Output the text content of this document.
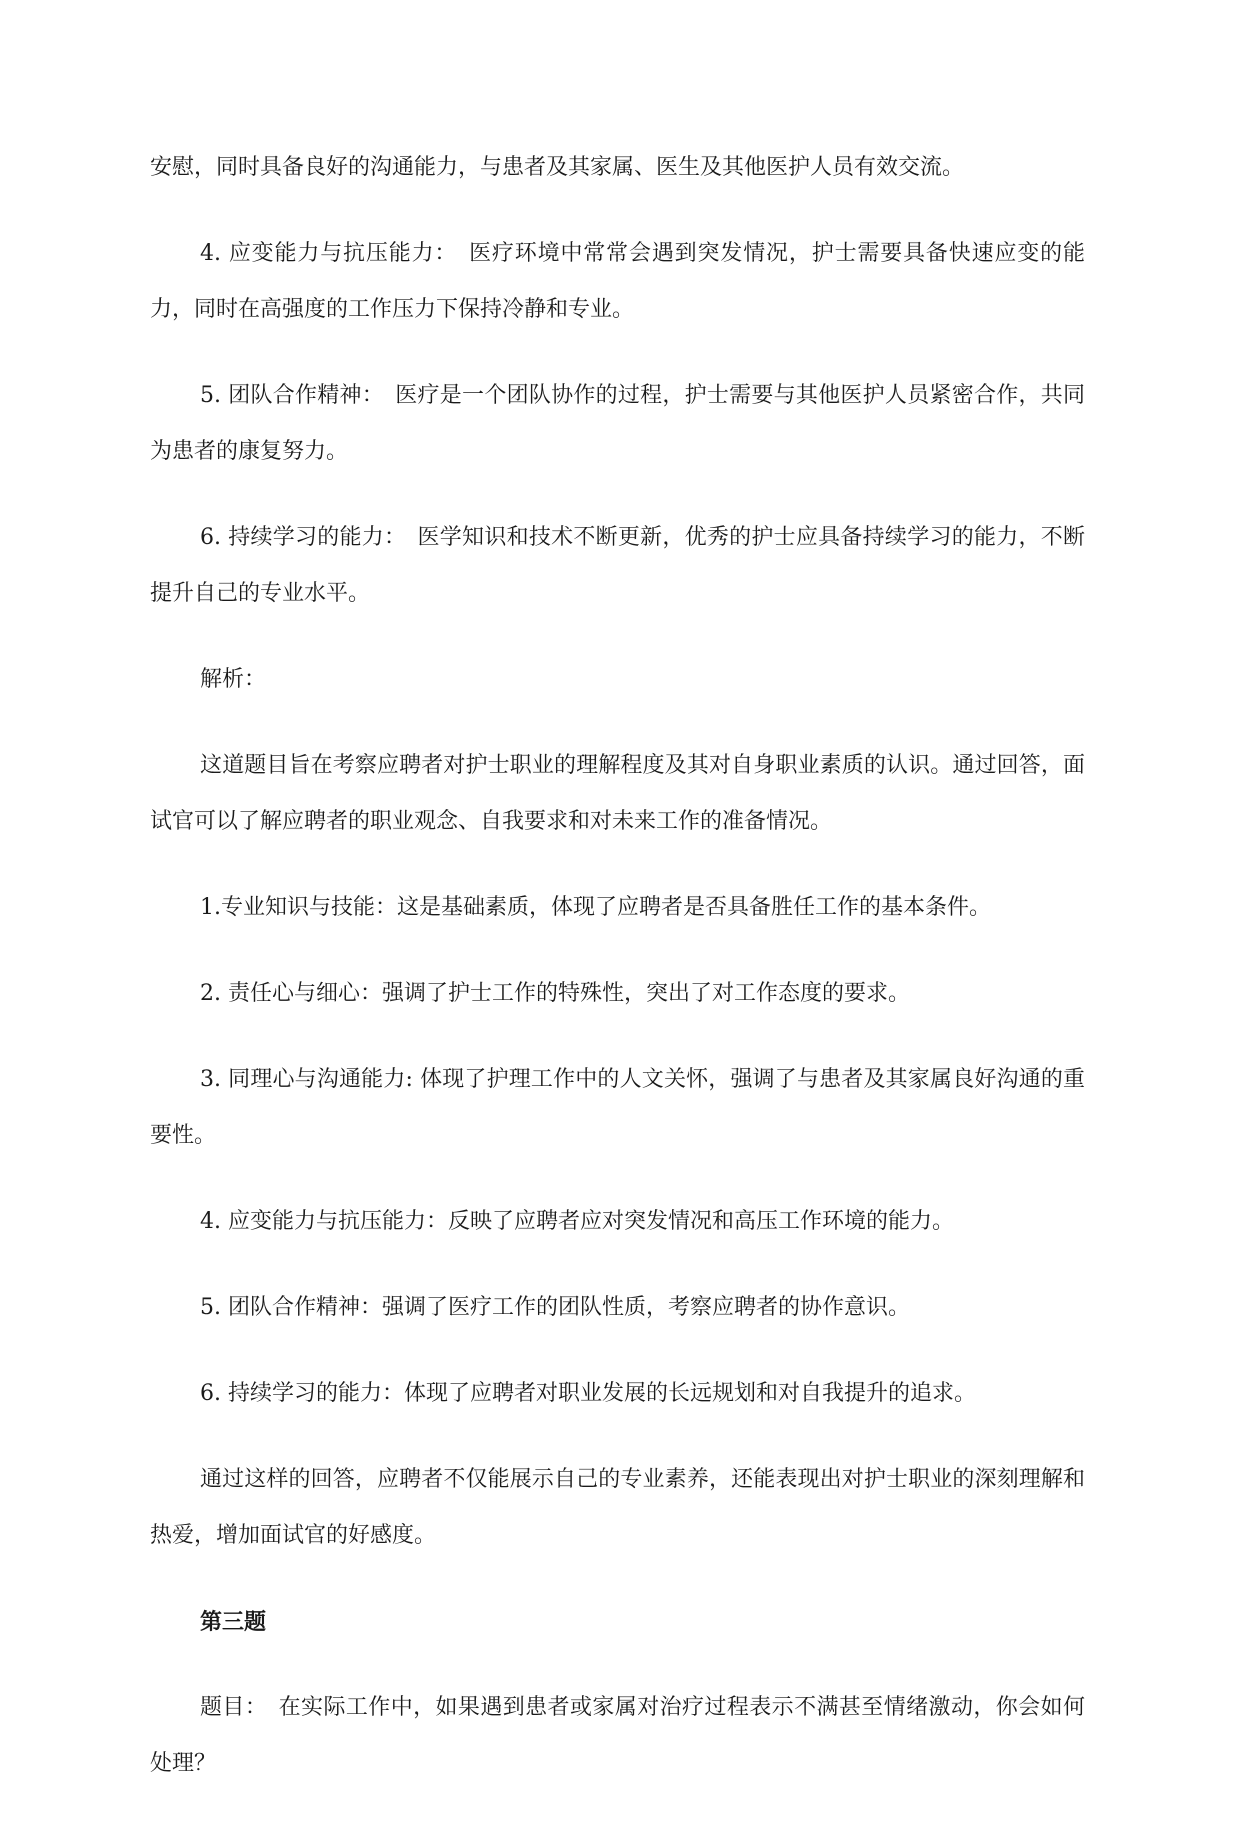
安慰，同时具备良好的沟通能力，与患者及其家属、医生及其他医护人员有效交流。

4. 应变能力与抗压能力：　医疗环境中常常会遇到突发情况，护士需要具备快速应变的能力，同时在高强度的工作压力下保持冷静和专业。

5. 团队合作精神：　医疗是一个团队协作的过程，护士需要与其他医护人员紧密合作，共同为患者的康复努力。

6. 持续学习的能力：　医学知识和技术不断更新，优秀的护士应具备持续学习的能力，不断提升自己的专业水平。

解析：

这道题目旨在考察应聘者对护士职业的理解程度及其对自身职业素质的认识。通过回答，面试官可以了解应聘者的职业观念、自我要求和对未来工作的准备情况。

1.专业知识与技能：这是基础素质，体现了应聘者是否具备胜任工作的基本条件。

2. 责任心与细心：强调了护士工作的特殊性，突出了对工作态度的要求。

3. 同理心与沟通能力: 体现了护理工作中的人文关怀，强调了与患者及其家属良好沟通的重要性。

4. 应变能力与抗压能力：反映了应聘者应对突发情况和高压工作环境的能力。

5. 团队合作精神：强调了医疗工作的团队性质，考察应聘者的协作意识。

6. 持续学习的能力：体现了应聘者对职业发展的长远规划和对自我提升的追求。

通过这样的回答，应聘者不仅能展示自己的专业素养，还能表现出对护士职业的深刻理解和热爱，增加面试官的好感度。

第三题

题目：　在实际工作中，如果遇到患者或家属对治疗过程表示不满甚至情绪激动，你会如何处理？
